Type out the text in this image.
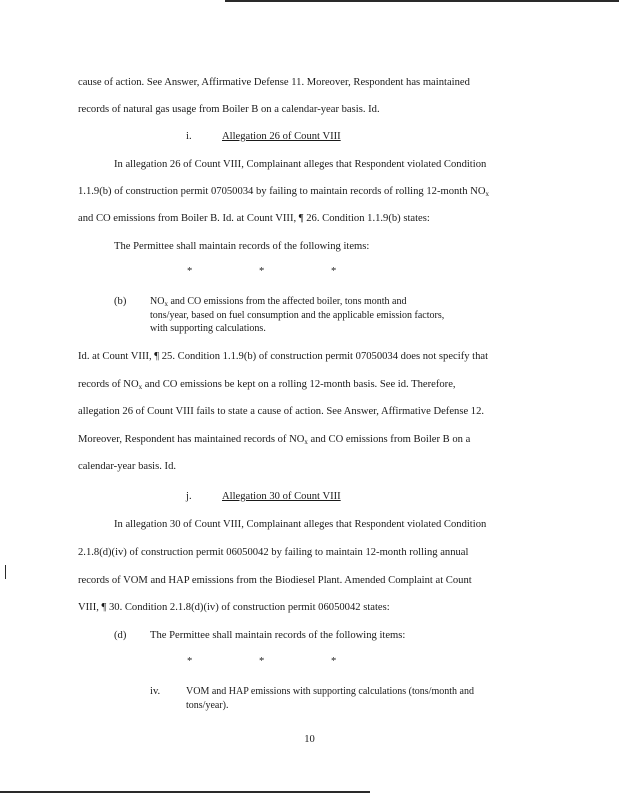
cause of action. See Answer, Affirmative Defense 11. Moreover, Respondent has maintained
records of natural gas usage from Boiler B on a calendar-year basis. Id.
i.	Allegation 26 of Count VIII
In allegation 26 of Count VIII, Complainant alleges that Respondent violated Condition
1.1.9(b) of construction permit 07050034 by failing to maintain records of rolling 12-month $NO_x$
and CO emissions from Boiler B. Id. at Count VIII, ¶ 26. Condition 1.1.9(b) states:
The Permittee shall maintain records of the following items:
*	*	*
(b) $NO_x$ and CO emissions from the affected boiler, tons month and
tons/year, based on fuel consumption and the applicable emission factors,
with supporting calculations.
Id. at Count VIII, ¶ 25. Condition 1.1.9(b) of construction permit 07050034 does not specify that
records of $NO_x$ and CO emissions be kept on a rolling 12-month basis. See id. Therefore,
allegation 26 of Count VIII fails to state a cause of action. See Answer, Affirmative Defense 12.
Moreover, Respondent has maintained records of $NO_x$ and CO emissions from Boiler B on a
calendar-year basis. Id.
j.	Allegation 30 of Count VIII
In allegation 30 of Count VIII, Complainant alleges that Respondent violated Condition
2.1.8(d)(iv) of construction permit 06050042 by failing to maintain 12-month rolling annual
records of VOM and HAP emissions from the Biodiesel Plant. Amended Complaint at Count
VIII, ¶ 30. Condition 2.1.8(d)(iv) of construction permit 06050042 states:
(d) The Permittee shall maintain records of the following items:
*	*	*
iv.	VOM and HAP emissions with supporting calculations (tons/month and
tons/year).
10
